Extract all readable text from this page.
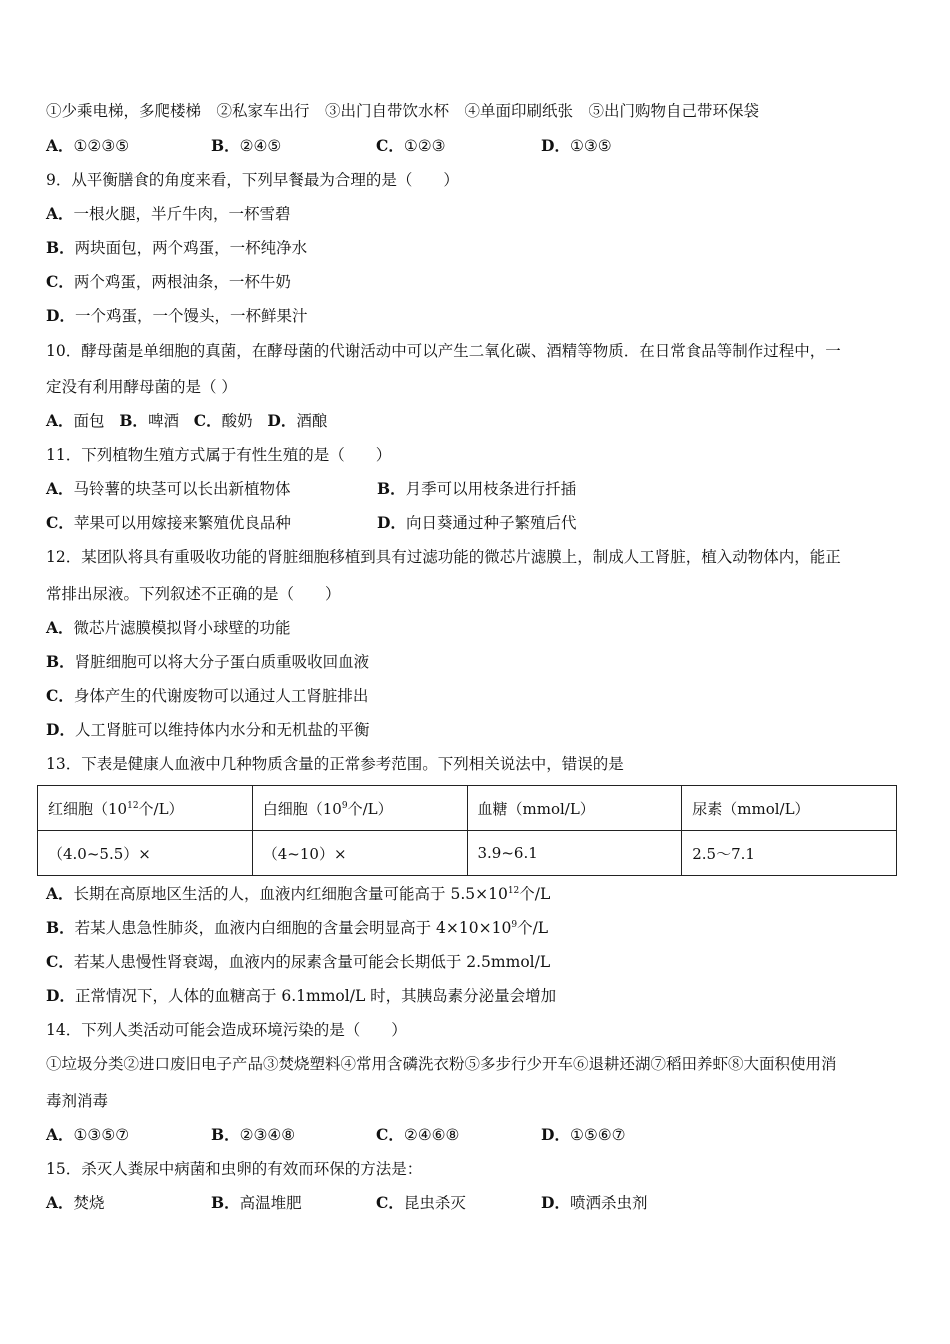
①少乘电梯，多爬楼梯　②私家车出行　③出门自带饮水杯　④单面印刷纸张　⑤出门购物自己带环保袋
A．①②③⑤	B．②④⑤	C．①②③	D．①③⑤
9．从平衡膳食的角度来看，下列早餐最为合理的是（　　）
A．一根火腿，半斤牛肉，一杯雪碧
B．两块面包，两个鸡蛋，一杯纯净水
C．两个鸡蛋，两根油条，一杯牛奶
D．一个鸡蛋，一个馒头，一杯鲜果汁
10．酵母菌是单细胞的真菌，在酵母菌的代谢活动中可以产生二氧化碳、酒精等物质．在日常食品等制作过程中，一
定没有利用酵母菌的是（ ）
A．面包 B．啤酒 C．酸奶 D．酒酿
11．下列植物生殖方式属于有性生殖的是（　　）
A．马铃薯的块茎可以长出新植物体	B．月季可以用枝条进行扦插
C．苹果可以用嫁接来繁殖优良品种	D．向日葵通过种子繁殖后代
12．某团队将具有重吸收功能的肾脏细胞移植到具有过滤功能的微芯片滤膜上，制成人工肾脏，植入动物体内，能正
常排出尿液。下列叙述不正确的是（　　）
A．微芯片滤膜模拟肾小球壁的功能
B．肾脏细胞可以将大分子蛋白质重吸收回血液
C．身体产生的代谢废物可以通过人工肾脏排出
D．人工肾脏可以维持体内水分和无机盐的平衡
13．下表是健康人血液中几种物质含量的正常参考范围。下列相关说法中，错误的是
红细胞（$10^{12}$个/L）	白细胞（$10^9$个/L）	血糖（mmol/L）	尿素（mmol/L）
（4.0~5.5）×	（4~10）×	3.9~6.1	2.5～7.1
A．长期在高原地区生活的人，血液内红细胞含量可能高于 $5.5\times 10^{12}$个/L
B．若某人患急性肺炎，血液内白细胞的含量会明显高于 $4\times 10\times 10^9$个/L
C．若某人患慢性肾衰竭，血液内的尿素含量可能会长期低于 2.5mmol/L
D．正常情况下，人体的血糖高于 6.1mmol/L 时，其胰岛素分泌量会增加
14．下列人类活动可能会造成环境污染的是（　　）
①垃圾分类②进口废旧电子产品③焚烧塑料④常用含磷洗衣粉⑤多步行少开车⑥退耕还湖⑦稻田养虾⑧大面积使用消
毒剂消毒
A．①③⑤⑦	B．②③④⑧	C．②④⑥⑧	D．①⑤⑥⑦
15．杀灭人粪尿中病菌和虫卵的有效而环保的方法是：
A．焚烧	B．高温堆肥	C．昆虫杀灭	D．喷洒杀虫剂
